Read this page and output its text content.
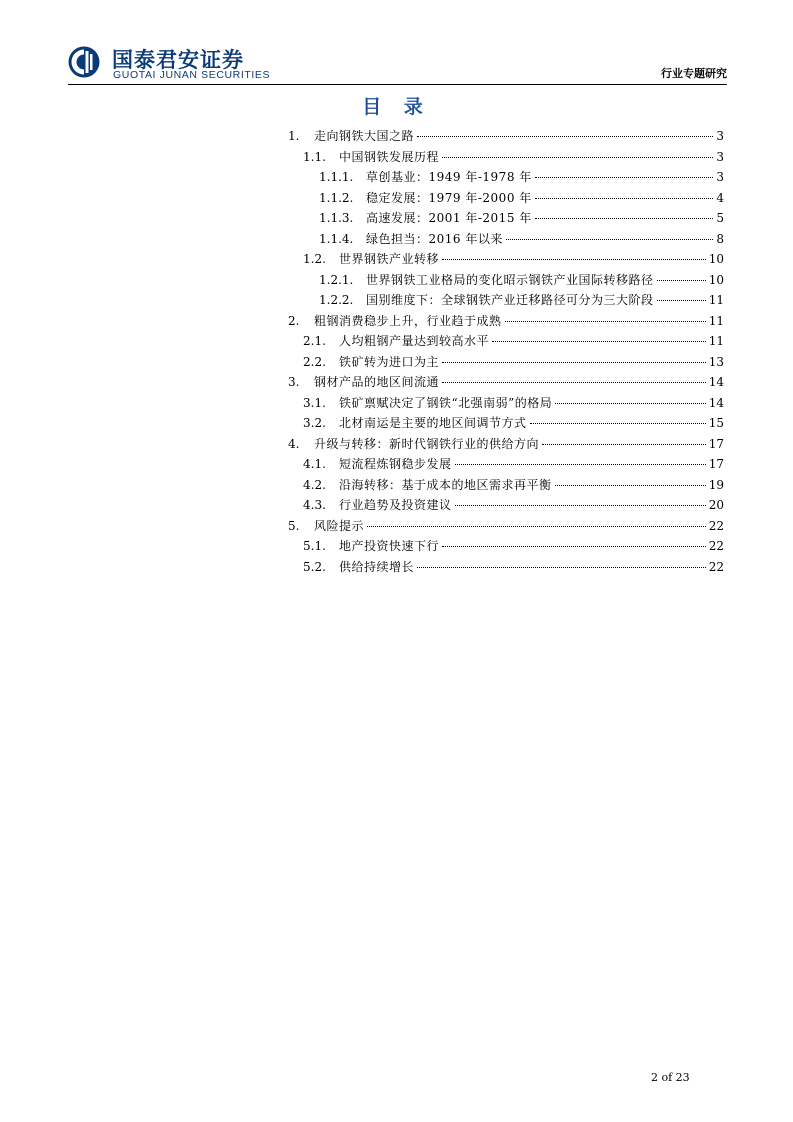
国泰君安证券
GUOTAI JUNAN SECURITIES	行业专题研究
目 录
1.	走向钢铁大国之路	3
1.1.	中国钢铁发展历程	3
1.1.1.	草创基业：1949 年-1978 年	3
1.1.2.	稳定发展：1979 年-2000 年	4
1.1.3.	高速发展：2001 年-2015 年	5
1.1.4.	绿色担当：2016 年以来	8
1.2.	世界钢铁产业转移	10
1.2.1.	世界钢铁工业格局的变化昭示钢铁产业国际转移路径	10
1.2.2.	国别维度下：全球钢铁产业迁移路径可分为三大阶段	11
2.	粗钢消费稳步上升，行业趋于成熟	11
2.1.	人均粗钢产量达到较高水平	11
2.2.	铁矿转为进口为主	13
3.	钢材产品的地区间流通	14
3.1.	铁矿禀赋决定了钢铁“北强南弱”的格局	14
3.2.	北材南运是主要的地区间调节方式	15
4.	升级与转移：新时代钢铁行业的供给方向	17
4.1.	短流程炼钢稳步发展	17
4.2.	沿海转移：基于成本的地区需求再平衡	19
4.3.	行业趋势及投资建议	20
5.	风险提示	22
5.1.	地产投资快速下行	22
5.2.	供给持续增长	22
2 of 23
